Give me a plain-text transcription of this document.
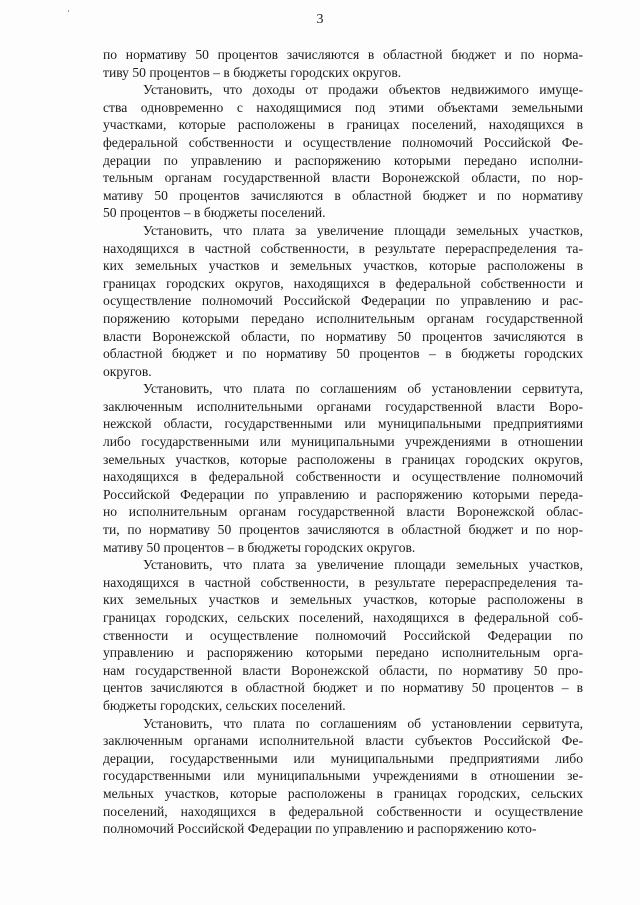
3
по нормативу 50 процентов зачисляются в областной бюджет и по норма-
тиву 50 процентов – в бюджеты городских округов.
Установить, что доходы от продажи объектов недвижимого имуще-
ства одновременно с находящимися под этими объектами земельными
участками, которые расположены в границах поселений, находящихся в
федеральной собственности и осуществление полномочий Российской Фе-
дерации по управлению и распоряжению которыми передано исполни-
тельным органам государственной власти Воронежской области, по нор-
мативу 50 процентов зачисляются в областной бюджет и по нормативу
50 процентов – в бюджеты поселений.
Установить, что плата за увеличение площади земельных участков,
находящихся в частной собственности, в результате перераспределения та-
ких земельных участков и земельных участков, которые расположены в
границах городских округов, находящихся в федеральной собственности и
осуществление полномочий Российской Федерации по управлению и рас-
поряжению которыми передано исполнительным органам государственной
власти Воронежской области, по нормативу 50 процентов зачисляются в
областной бюджет и по нормативу 50 процентов – в бюджеты городских
округов.
Установить, что плата по соглашениям об установлении сервитута,
заключенным исполнительными органами государственной власти Воро-
нежской области, государственными или муниципальными предприятиями
либо государственными или муниципальными учреждениями в отношении
земельных участков, которые расположены в границах городских округов,
находящихся в федеральной собственности и осуществление полномочий
Российской Федерации по управлению и распоряжению которыми переда-
но исполнительным органам государственной власти Воронежской облас-
ти, по нормативу 50 процентов зачисляются в областной бюджет и по нор-
мативу 50 процентов – в бюджеты городских округов.
Установить, что плата за увеличение площади земельных участков,
находящихся в частной собственности, в результате перераспределения та-
ких земельных участков и земельных участков, которые расположены в
границах городских, сельских поселений, находящихся в федеральной соб-
ственности и осуществление полномочий Российской Федерации по
управлению и распоряжению которыми передано исполнительным орга-
нам государственной власти Воронежской области, по нормативу 50 про-
центов зачисляются в областной бюджет и по нормативу 50 процентов – в
бюджеты городских, сельских поселений.
Установить, что плата по соглашениям об установлении сервитута,
заключенным органами исполнительной власти субъектов Российской Фе-
дерации, государственными или муниципальными предприятиями либо
государственными или муниципальными учреждениями в отношении зе-
мельных участков, которые расположены в границах городских, сельских
поселений, находящихся в федеральной собственности и осуществление
полномочий Российской Федерации по управлению и распоряжению кото-
